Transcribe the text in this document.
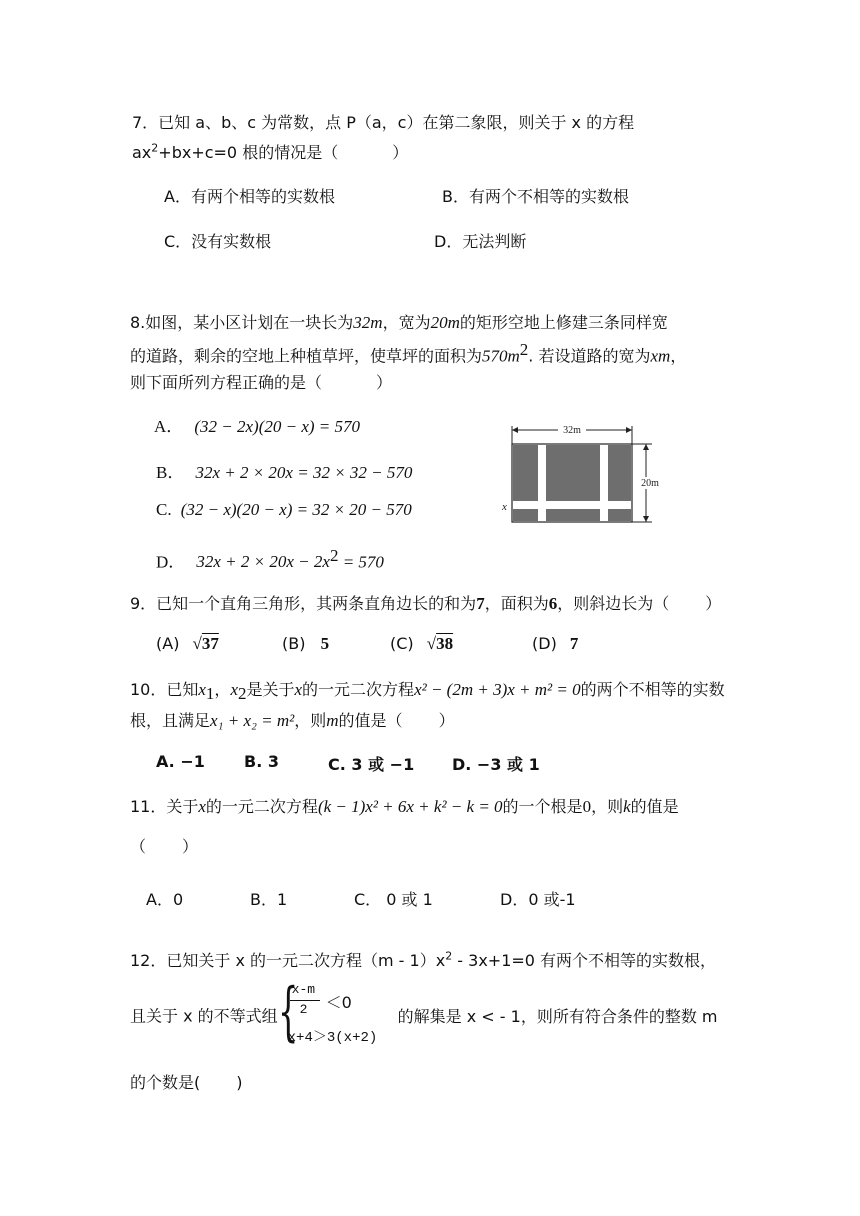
7．已知 a、b、c 为常数，点 P（a，c）在第二象限，则关于 x 的方程
$ax^2+bx+c=0$ 根的情况是（	）
A．有两个相等的实数根	B．有两个不相等的实数根
C．没有实数根	D．无法判断
8.如图，某小区计划在一块长为32m，宽为20m的矩形空地上修建三条同样宽
的道路，剩余的空地上种植草坪，使草坪的面积为$570m^2$. 若设道路的宽为xm，
则下面所列方程正确的是（	）
A． (32 − 2x)(20 − x) = 570
B． 32x + 2 × 20x = 32 × 32 − 570
C. (32 − x)(20 − x) = 32 × 20 − 570
D． $32x + 2 \times 20x - 2x^2 = 570$
32m
20m
x
9．已知一个直角三角形，其两条直角边长的和为7，面积为6，则斜边长为（ ）
(A) √37	(B) 5	(C) √38	(D) 7
10．已知$x_1$，$x_2$是关于x的一元二次方程x² − (2m + 3)x + m² = 0的两个不相等的实数
根，且满足x₁ + x₂ = m²，则m的值是（ ）
A. −1 B. 3	C. 3 或 −1 D. −3 或 1
11．关于x的一元二次方程(k − 1)x² + 6x + k² − k = 0的一个根是0，则k的值是
（ ）
A．0	B．1	C． 0 或 1	D．0 或-1
12．已知关于 x 的一元二次方程$(m - 1)x^2 - 3x+1=0$ 有两个不相等的实数根，
且关于 x 的不等式组 {
x-m
2 ＜0
x+4＞3(x+2)
的解集是 x < - 1，则所有符合条件的整数 m
的个数是( )
